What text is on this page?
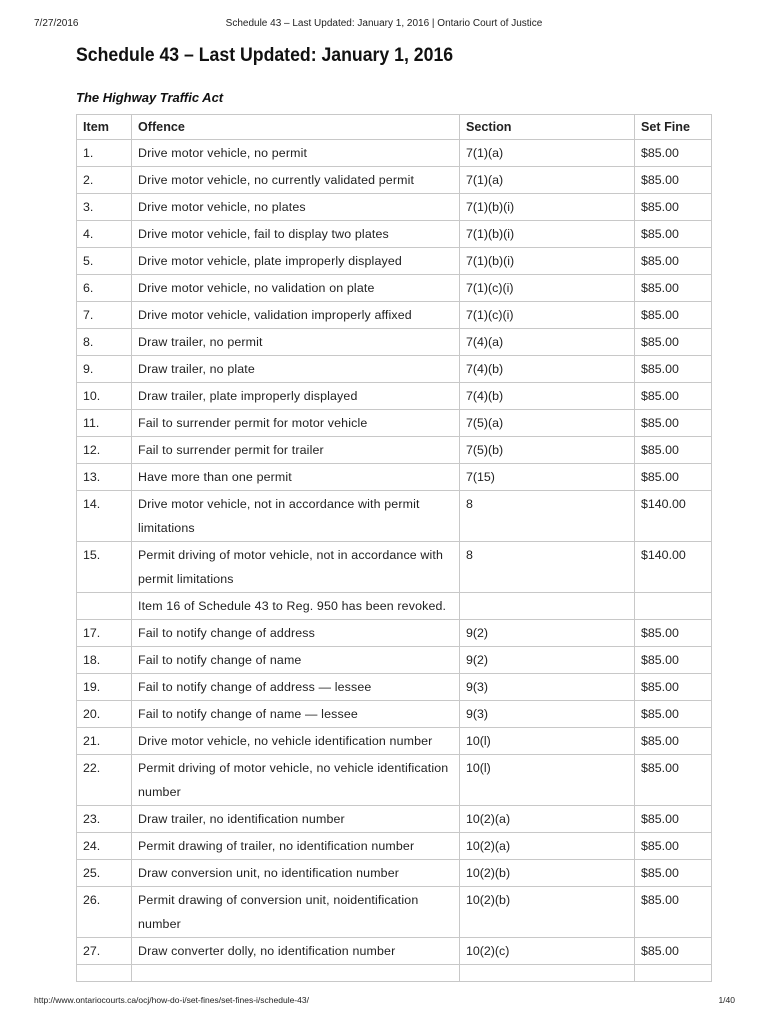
7/27/2016	Schedule 43 – Last Updated: January 1, 2016 | Ontario Court of Justice
Schedule 43 – Last Updated: January 1, 2016
The Highway Traffic Act
Item	Offence	Section	Set Fine
1.	Drive motor vehicle, no permit	7(1)(a)	$85.00
2.	Drive motor vehicle, no currently validated permit	7(1)(a)	$85.00
3.	Drive motor vehicle, no plates	7(1)(b)(i)	$85.00
4.	Drive motor vehicle, fail to display two plates	7(1)(b)(i)	$85.00
5.	Drive motor vehicle, plate improperly displayed	7(1)(b)(i)	$85.00
6.	Drive motor vehicle, no validation on plate	7(1)(c)(i)	$85.00
7.	Drive motor vehicle, validation improperly affixed	7(1)(c)(i)	$85.00
8.	Draw trailer, no permit	7(4)(a)	$85.00
9.	Draw trailer, no plate	7(4)(b)	$85.00
10.	Draw trailer, plate improperly displayed	7(4)(b)	$85.00
11.	Fail to surrender permit for motor vehicle	7(5)(a)	$85.00
12.	Fail to surrender permit for trailer	7(5)(b)	$85.00
13.	Have more than one permit	7(15)	$85.00
14.	Drive motor vehicle, not in accordance with permit limitations	8	$140.00
15.	Permit driving of motor vehicle, not in accordance with permit limitations	8	$140.00
	Item 16 of Schedule 43 to Reg. 950 has been revoked.		
17.	Fail to notify change of address	9(2)	$85.00
18.	Fail to notify change of name	9(2)	$85.00
19.	Fail to notify change of address — lessee	9(3)	$85.00
20.	Fail to notify change of name — lessee	9(3)	$85.00
21.	Drive motor vehicle, no vehicle identification number	10(l)	$85.00
22.	Permit driving of motor vehicle, no vehicle identification number	10(l)	$85.00
23.	Draw trailer, no identification number	10(2)(a)	$85.00
24.	Permit drawing of trailer, no identification number	10(2)(a)	$85.00
25.	Draw conversion unit, no identification number	10(2)(b)	$85.00
26.	Permit drawing of conversion unit, noidentification number	10(2)(b)	$85.00
27.	Draw converter dolly, no identification number	10(2)(c)	$85.00

http://www.ontariocourts.ca/ocj/how-do-i/set-fines/set-fines-i/schedule-43/	1/40
